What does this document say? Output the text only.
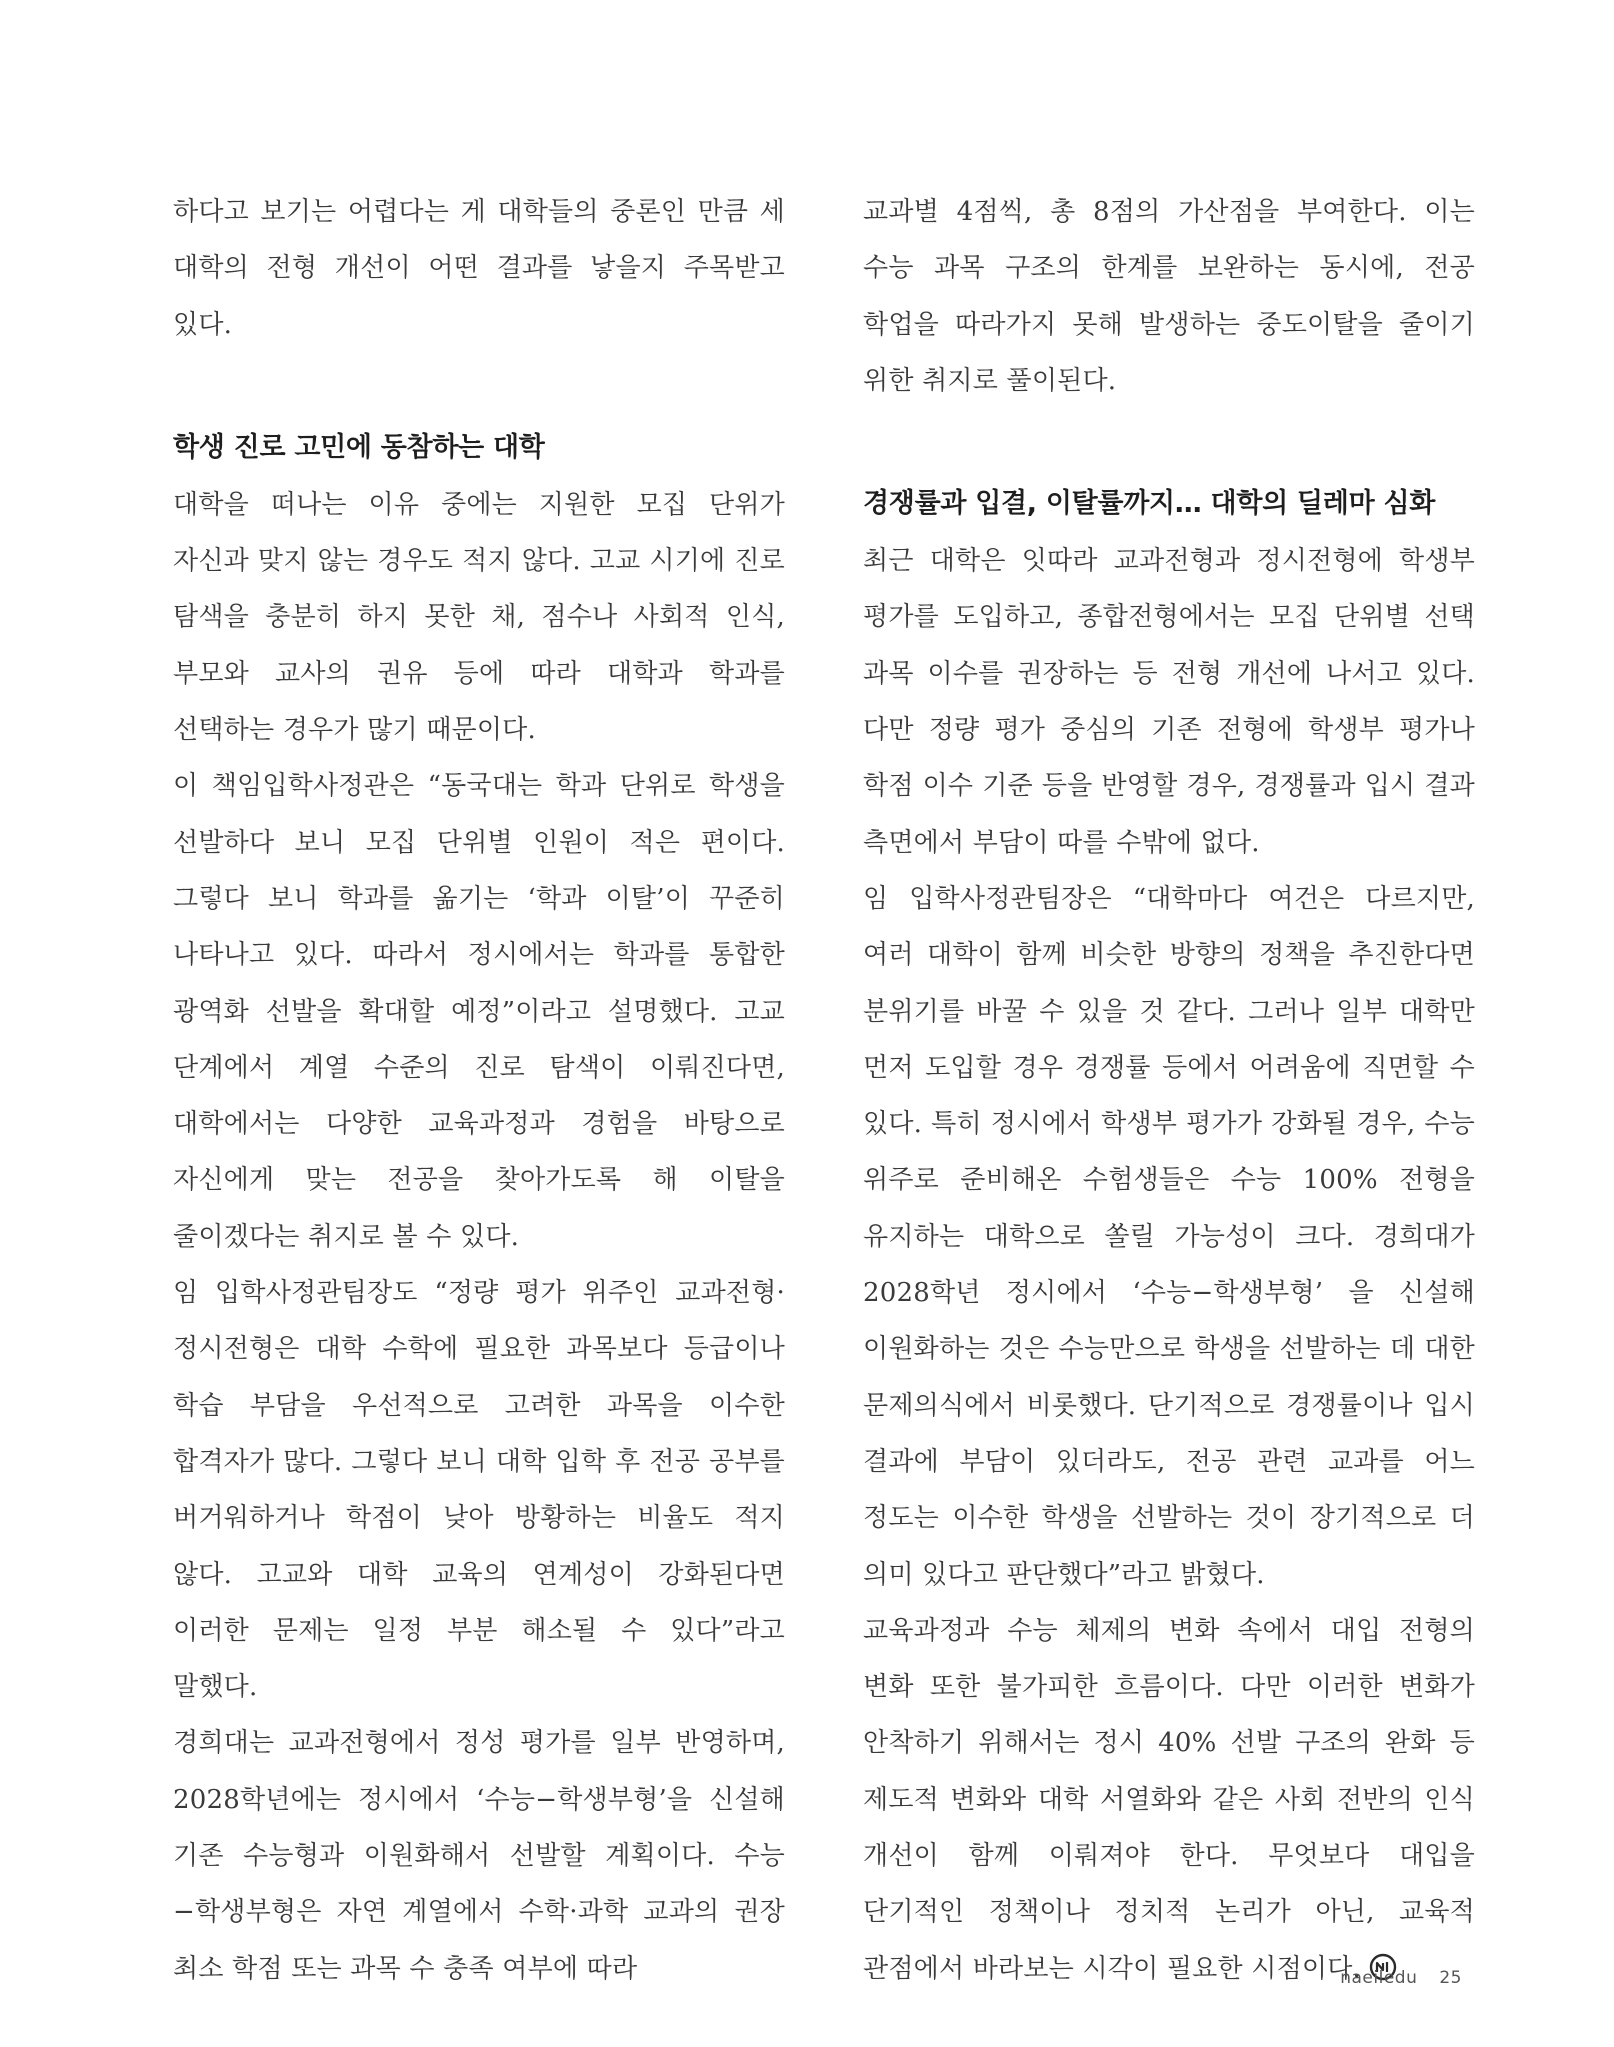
하다고 보기는 어렵다는 게 대학들의 중론인 만큼 세 대학의 전형 개선이 어떤 결과를 낳을지 주목받고 있다.

학생 진로 고민에 동참하는 대학

대학을 떠나는 이유 중에는 지원한 모집 단위가 자신과 맞지 않는 경우도 적지 않다. 고교 시기에 진로 탐색을 충분히 하지 못한 채, 점수나 사회적 인식, 부모와 교사의 권유 등에 따라 대학과 학과를 선택하는 경우가 많기 때문이다.

이 책임입학사정관은 “동국대는 학과 단위로 학생을 선발하다 보니 모집 단위별 인원이 적은 편이다. 그렇다 보니 학과를 옮기는 ‘학과 이탈’이 꾸준히 나타나고 있다. 따라서 정시에서는 학과를 통합한 광역화 선발을 확대할 예정”이라고 설명했다. 고교 단계에서 계열 수준의 진로 탐색이 이뤄진다면, 대학에서는 다양한 교육과정과 경험을 바탕으로 자신에게 맞는 전공을 찾아가도록 해 이탈을 줄이겠다는 취지로 볼 수 있다.

임 입학사정관팀장도 “정량 평가 위주인 교과전형·정시전형은 대학 수학에 필요한 과목보다 등급이나 학습 부담을 우선적으로 고려한 과목을 이수한 합격자가 많다. 그렇다 보니 대학 입학 후 전공 공부를 버거워하거나 학점이 낮아 방황하는 비율도 적지 않다. 고교와 대학 교육의 연계성이 강화된다면 이러한 문제는 일정 부분 해소될 수 있다”라고 말했다.

경희대는 교과전형에서 정성 평가를 일부 반영하며, 2028학년에는 정시에서 ‘수능−학생부형’을 신설해 기존 수능형과 이원화해서 선발할 계획이다. 수능−학생부형은 자연 계열에서 수학·과학 교과의 권장 최소 학점 또는 과목 수 충족 여부에 따라

교과별 4점씩, 총 8점의 가산점을 부여한다. 이는 수능 과목 구조의 한계를 보완하는 동시에, 전공 학업을 따라가지 못해 발생하는 중도이탈을 줄이기 위한 취지로 풀이된다.

경쟁률과 입결, 이탈률까지… 대학의 딜레마 심화

최근 대학은 잇따라 교과전형과 정시전형에 학생부 평가를 도입하고, 종합전형에서는 모집 단위별 선택 과목 이수를 권장하는 등 전형 개선에 나서고 있다. 다만 정량 평가 중심의 기존 전형에 학생부 평가나 학점 이수 기준 등을 반영할 경우, 경쟁률과 입시 결과 측면에서 부담이 따를 수밖에 없다.

임 입학사정관팀장은 “대학마다 여건은 다르지만, 여러 대학이 함께 비슷한 방향의 정책을 추진한다면 분위기를 바꿀 수 있을 것 같다. 그러나 일부 대학만 먼저 도입할 경우 경쟁률 등에서 어려움에 직면할 수 있다. 특히 정시에서 학생부 평가가 강화될 경우, 수능 위주로 준비해온 수험생들은 수능 100% 전형을 유지하는 대학으로 쏠릴 가능성이 크다. 경희대가 2028학년 정시에서 ‘수능−학생부형’ 을 신설해 이원화하는 것은 수능만으로 학생을 선발하는 데 대한 문제의식에서 비롯했다. 단기적으로 경쟁률이나 입시 결과에 부담이 있더라도, 전공 관련 교과를 어느 정도는 이수한 학생을 선발하는 것이 장기적으로 더 의미 있다고 판단했다”라고 밝혔다.

교육과정과 수능 체제의 변화 속에서 대입 전형의 변화 또한 불가피한 흐름이다. 다만 이러한 변화가 안착하기 위해서는 정시 40% 선발 구조의 완화 등 제도적 변화와 대학 서열화와 같은 사회 전반의 인식 개선이 함께 이뤄져야 한다. 무엇보다 대입을 단기적인 정책이나 정치적 논리가 아닌, 교육적 관점에서 바라보는 시각이 필요한 시점이다.

naeiledu 25
